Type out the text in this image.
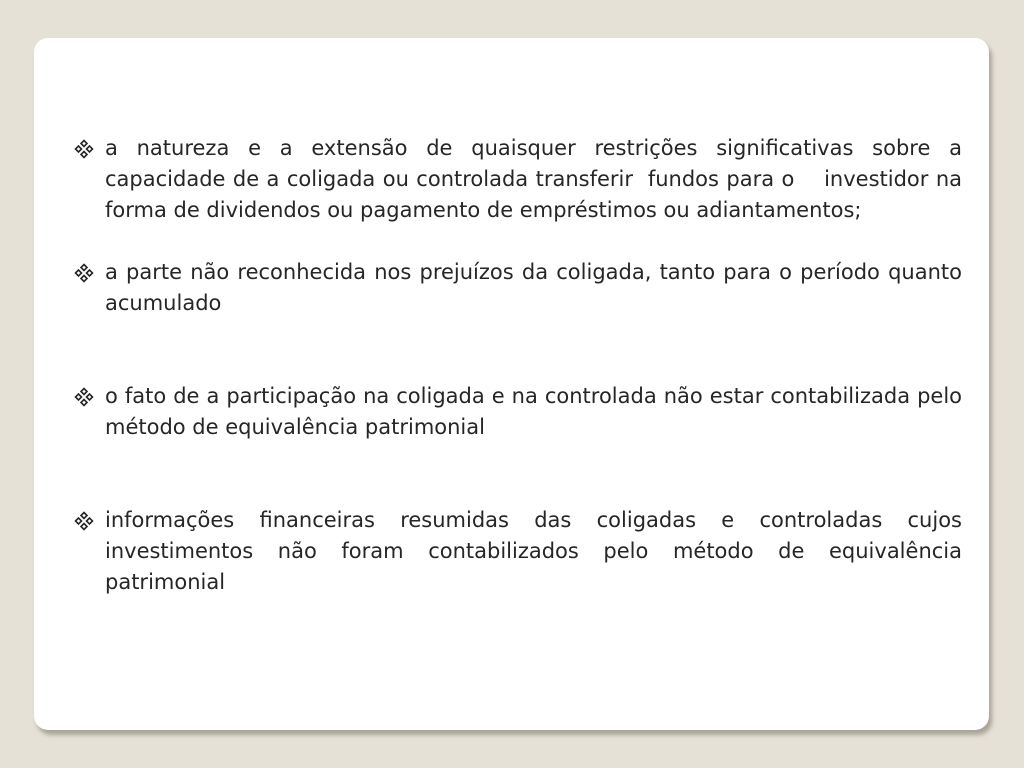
a natureza e a extensão de quaisquer restrições significativas sobre a capacidade de a coligada ou controlada transferir  fundos para o    investidor na forma de dividendos ou pagamento de empréstimos ou adiantamentos;
a parte não reconhecida nos prejuízos da coligada, tanto para o período quanto acumulado
o fato de a participação na coligada e na controlada não estar contabilizada pelo método de equivalência patrimonial
informações financeiras resumidas das coligadas e controladas cujos investimentos não foram contabilizados pelo método de equivalência patrimonial
